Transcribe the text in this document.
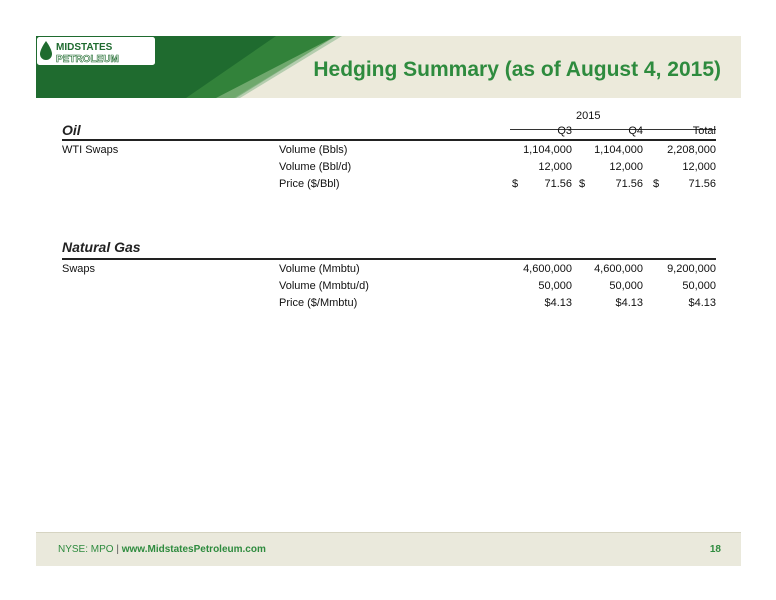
MIDSTATES
PETROLEUM	Hedging Summary (as of August 4, 2015)
2015
Oil	Q3	Q4	Total
WTI Swaps	Volume (Bbls)	1,104,000	1,104,000	2,208,000
Volume (Bbl/d)	12,000	12,000	12,000
Price ($/Bbl)	$	71.56 $	71.56 $	71.56
Natural Gas
Swaps	Volume (Mmbtu)	4,600,000	4,600,000	9,200,000
Volume (Mmbtu/d)	50,000	50,000	50,000
Price ($/Mmbtu)	$4.13	$4.13	$4.13
NYSE: MPO | www.MidstatesPetroleum.com	18
